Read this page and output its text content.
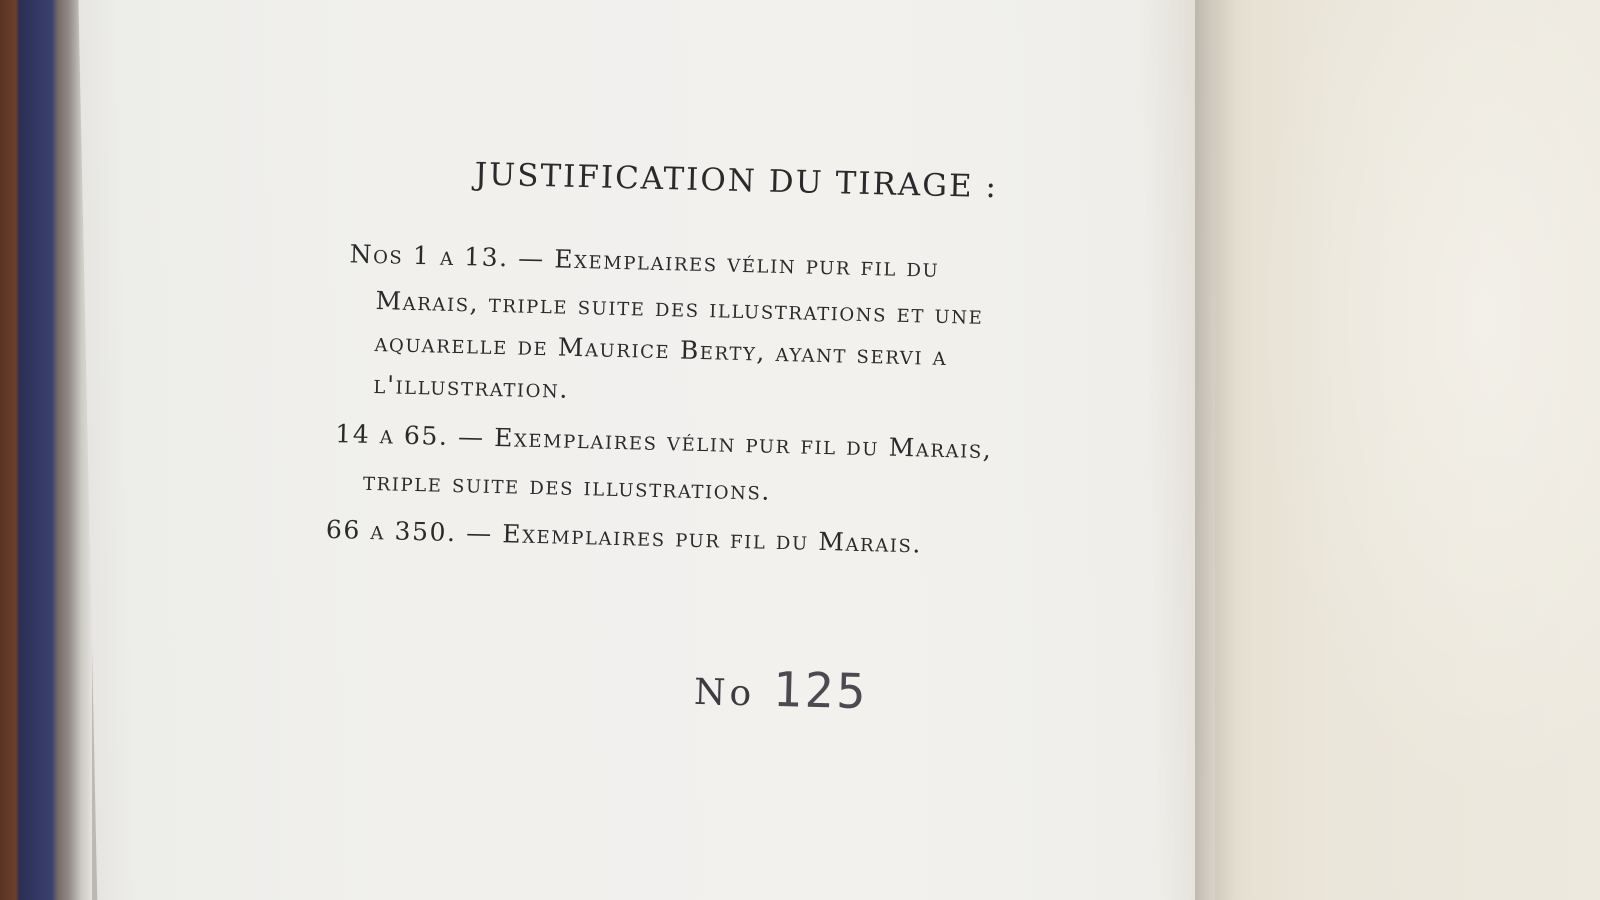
JUSTIFICATION DU TIRAGE :
Nos 1 a 13. — Exemplaires vélin pur fil du
Marais, triple suite des illustrations et une
aquarelle de Maurice Berty, ayant servi a
l'illustration.
14 a 65. — Exemplaires vélin pur fil du Marais,
triple suite des illustrations.
66 a 350. — Exemplaires pur fil du Marais.
No 125
